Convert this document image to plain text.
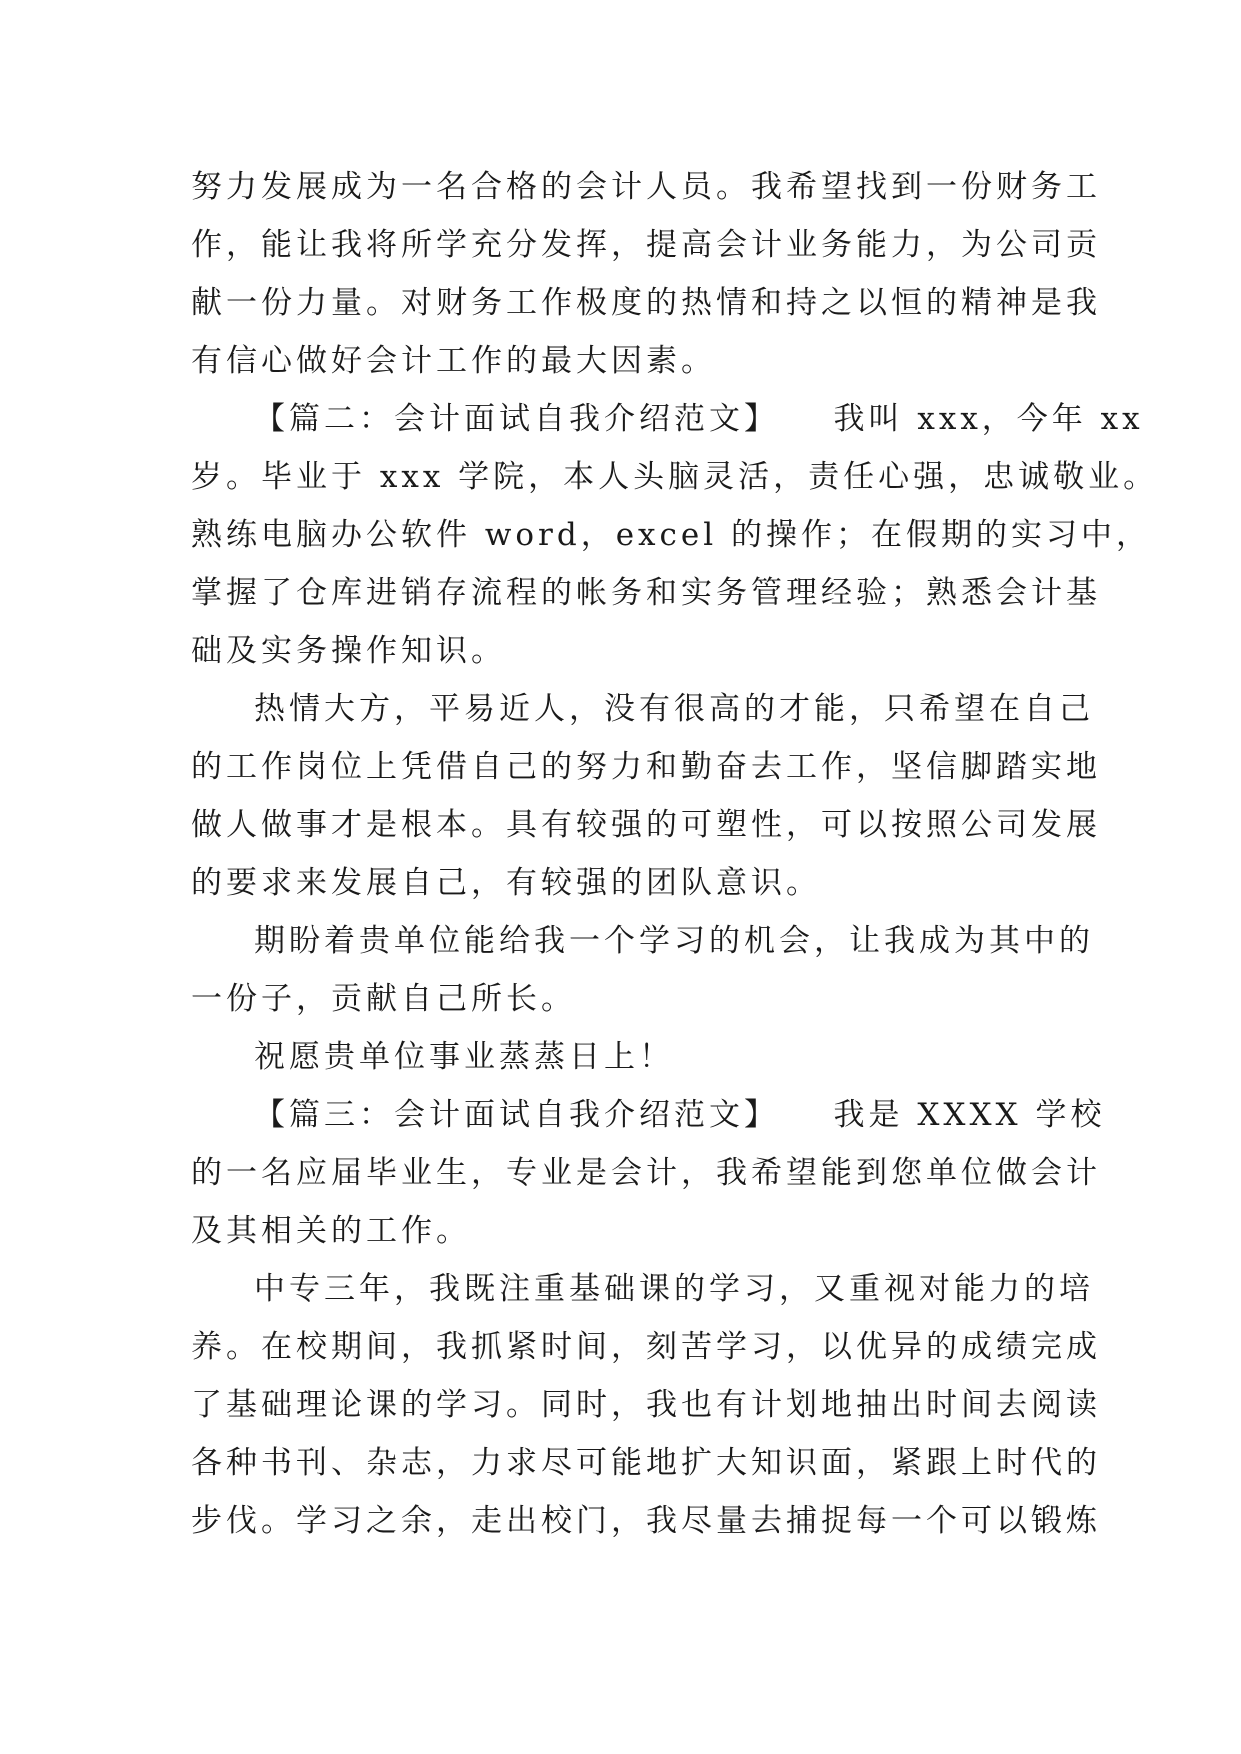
努力发展成为一名合格的会计人员。我希望找到一份财务工
作，能让我将所学充分发挥，提高会计业务能力，为公司贡
献一份力量。对财务工作极度的热情和持之以恒的精神是我
有信心做好会计工作的最大因素。
【篇二：会计面试自我介绍范文】　　我叫 xxx，今年 xx
岁。毕业于 xxx 学院，本人头脑灵活，责任心强，忠诚敬业。
熟练电脑办公软件 word，excel 的操作；在假期的实习中，
掌握了仓库进销存流程的帐务和实务管理经验；熟悉会计基
础及实务操作知识。
热情大方，平易近人，没有很高的才能，只希望在自己
的工作岗位上凭借自己的努力和勤奋去工作，坚信脚踏实地
做人做事才是根本。具有较强的可塑性，可以按照公司发展
的要求来发展自己，有较强的团队意识。
期盼着贵单位能给我一个学习的机会，让我成为其中的
一份子，贡献自己所长。
祝愿贵单位事业蒸蒸日上！
【篇三：会计面试自我介绍范文】　　我是 XXXX 学校
的一名应届毕业生，专业是会计，我希望能到您单位做会计
及其相关的工作。
中专三年，我既注重基础课的学习，又重视对能力的培
养。在校期间，我抓紧时间，刻苦学习，以优异的成绩完成
了基础理论课的学习。同时，我也有计划地抽出时间去阅读
各种书刊、杂志，力求尽可能地扩大知识面，紧跟上时代的
步伐。学习之余，走出校门，我尽量去捕捉每一个可以锻炼
